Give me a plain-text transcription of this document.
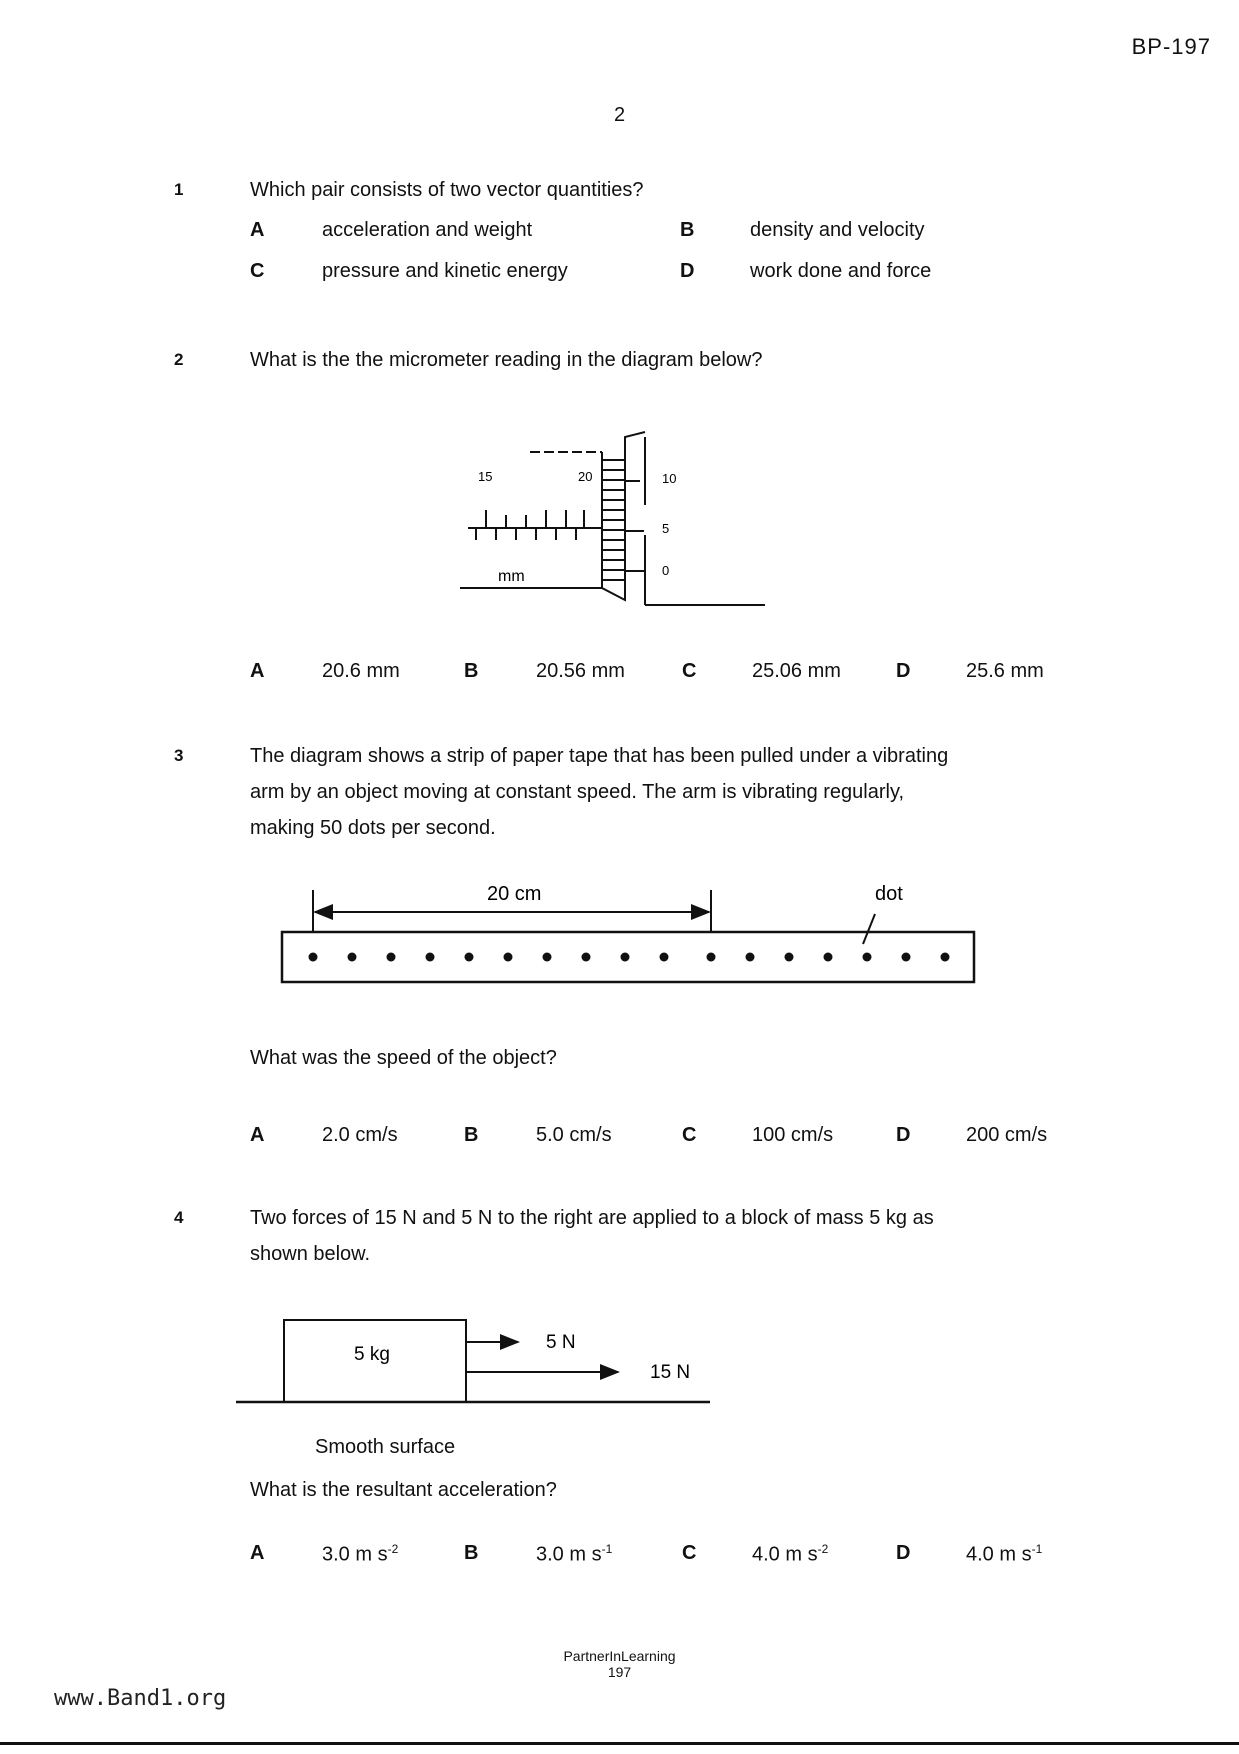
BP-197
2
1	Which pair consists of two vector quantities?
A	acceleration and weight	B	density and velocity
C	pressure and kinetic energy	D	work done and force
2	What is the the micrometer reading in the diagram below?
15	20
mm
10
5
0
A	20.6 mm	B	20.56 mm	C	25.06 mm	D	25.6 mm
3	The diagram shows a strip of paper tape that has been pulled under a vibrating
arm by an object moving at constant speed. The arm is vibrating regularly,
making 50 dots per second.
20 cm	dot
What was the speed of the object?
A	2.0 cm/s	B	5.0 cm/s	C	100 cm/s	D	200 cm/s
4	Two forces of 15 N and 5 N to the right are applied to a block of mass 5 kg as
shown below.
5 kg
5 N
15 N
Smooth surface
What is the resultant acceleration?
A	3.0 m $s^{-2}$	B	3.0 m $s^{-1}$	C	4.0 m $s^{-2}$	D	4.0 m $s^{-1}$
PartnerInLearning
197
www.Band1.org
